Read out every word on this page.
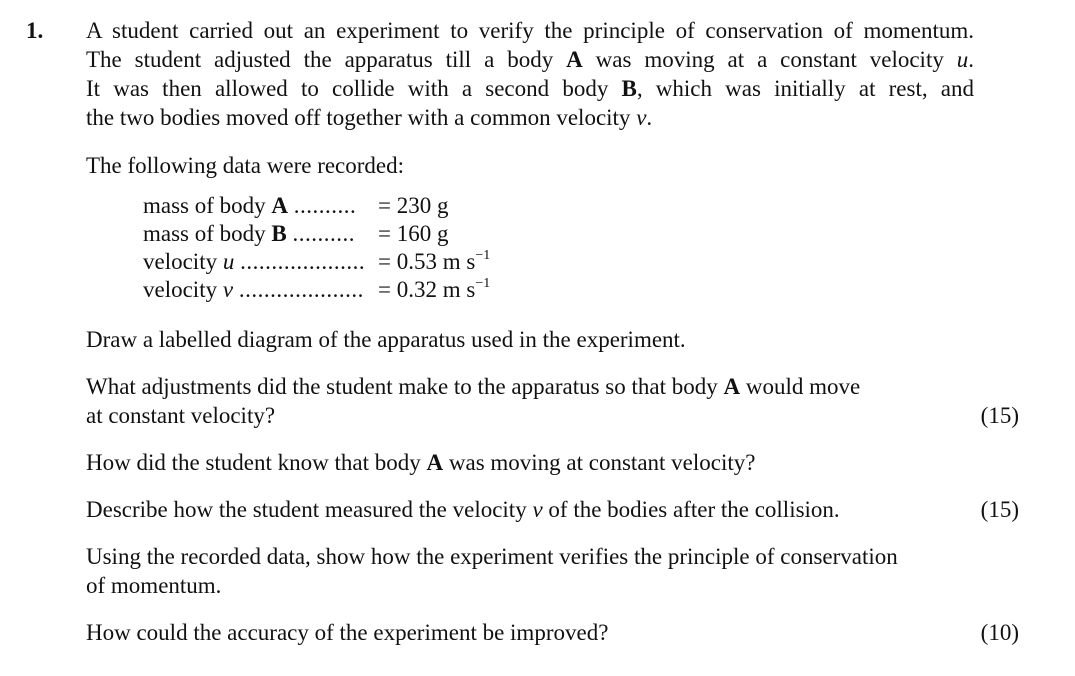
1. A student carried out an experiment to verify the principle of conservation of momentum.
The student adjusted the apparatus till a body A was moving at a constant velocity u.
It was then allowed to collide with a second body B, which was initially at rest, and
the two bodies moved off together with a common velocity v.
The following data were recorded:
mass of body A .......... = 230 g
mass of body B .......... = 160 g
velocity u .................... = 0.53 m $s^{-1}$
velocity v .................... = 0.32 m $s^{-1}$
Draw a labelled diagram of the apparatus used in the experiment.
What adjustments did the student make to the apparatus so that body A would move
at constant velocity?	(15)
How did the student know that body A was moving at constant velocity?
Describe how the student measured the velocity v of the bodies after the collision.	(15)
Using the recorded data, show how the experiment verifies the principle of conservation
of momentum.
How could the accuracy of the experiment be improved?	(10)
